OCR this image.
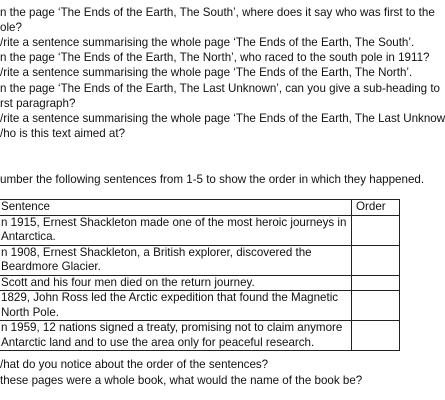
n the page ‘The Ends of the Earth, The South’, where does it say who was first to the
ole?
/rite a sentence summarising the whole page ‘The Ends of the Earth, The South’.
n the page ‘The Ends of the Earth, The North’, who raced to the south pole in 1911?
/rite a sentence summarising the whole page ‘The Ends of the Earth, The North’.
n the page ‘The Ends of the Earth, The Last Unknown’, can you give a sub-heading to
rst paragraph?
/rite a sentence summarising the whole page ‘The Ends of the Earth, The Last Unknow
/ho is this text aimed at?
umber the following sentences from 1-5 to show the order in which they happened.
Sentence	Order

n 1915, Ernest Shackleton made one of the most heroic journeys in Antarctica.	

n 1908, Ernest Shackleton, a British explorer, discovered the Beardmore Glacier.	

Scott and his four men died on the return journey.	

1829, John Ross led the Arctic expedition that found the Magnetic North Pole.	

n 1959, 12 nations signed a treaty, promising not to claim anymore Antarctic land and to use the area only for peaceful research.	

/hat do you notice about the order of the sentences?
these pages were a whole book, what would the name of the book be?
